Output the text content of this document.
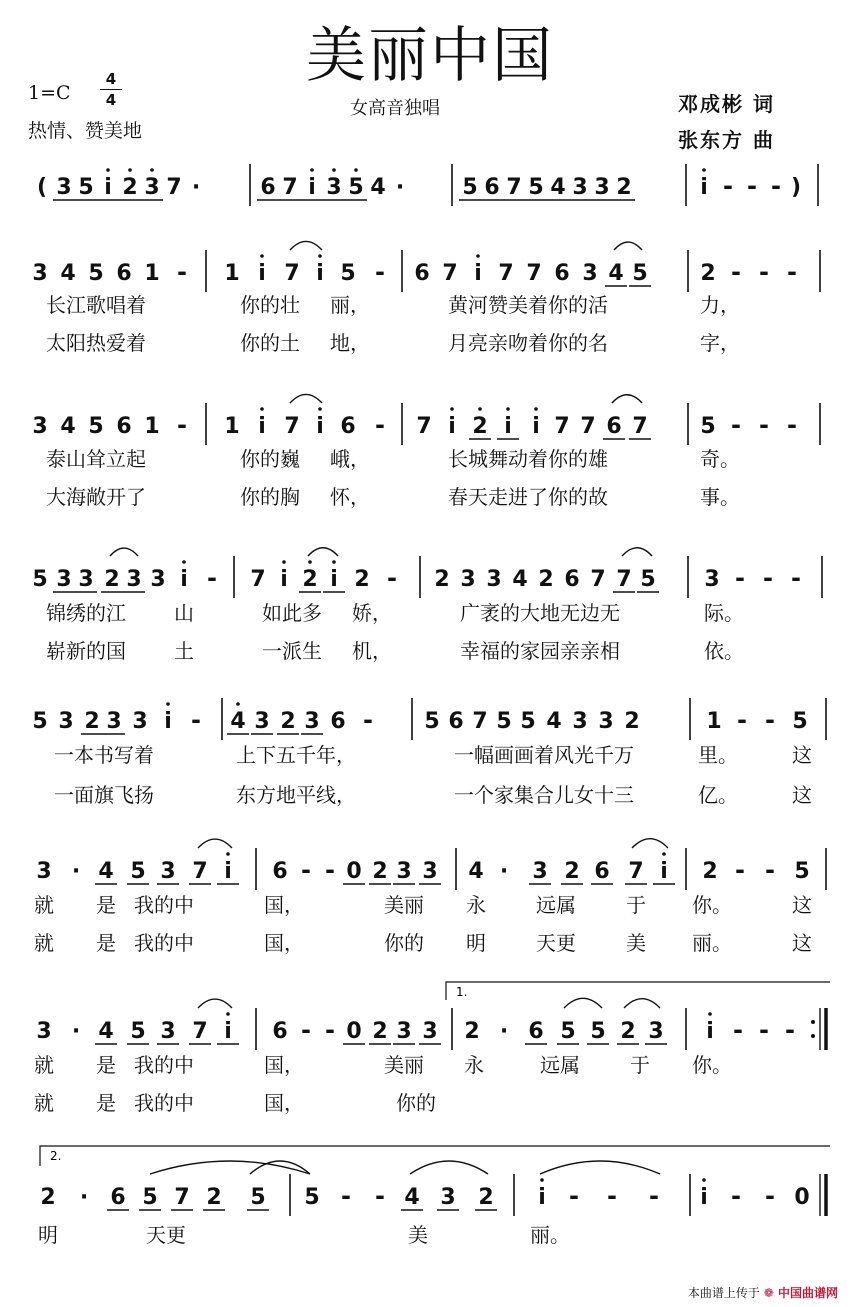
美丽中国
1=C
4
4
热情、赞美地
女高音独唱	邓成彬 词
张东方 曲
( 3 5 i 2 3 7 ·	6 7 i 3 5 4 ·	5 6 7 5 4 3 3 2	i - - - )
3 4 5 6 1 - 1 i 7 i 5 - 6 7 i 7 7 6 3 4 5 2 - - -
3 4 5 6 1 - 1 i 7 i 6 - 7 i 2 i i 7 7 6 7 5 - - -
5 3 3 2 3 3 i - 7 i 2 i 2 - 2 3 3 4 2 6 7 7 5 3 - - -
5 3 2 3 3 i - 4 3 2 3 6 - 5 6 7 5 5 4 3 3 2	1 - - 5
3 · 4 5 3 7 i 6 - - 0 2 3 3 4 · 3 2 6 7 i 2 - - 5
3 · 4 5 3 7 i 6 - - 0 2 3 3 2 · 6 5 5 2 3 i - - -
2 · 6 5 7 2 5 5 - - 4 3 2 i - - - i - - 0
1.
2.
长江歌唱着	你的壮 丽，	黄河赞美着你的活	力，
太阳热爱着	你的土 地，	月亮亲吻着你的名	字，
泰山耸立起	你的巍 峨，	长城舞动着你的雄	奇。
大海敞开了	你的胸 怀，	春天走进了你的故	事。
锦绣的江 山	如此多 娇，	广袤的大地无边无	际。
崭新的国 土	一派生 机，	幸福的家园亲亲相	依。
一本书写着	上下五千年，	一幅画画着风光千万	里。	这
一面旗飞扬	东方地平线，	一个家集合儿女十三	亿。	这
就 是 我的中	国，	美丽 永	远属	于 你。	这
就 是 我的中	国，	你的 明	天更	美 丽。	这
就 是 我的中	国，	美丽 永	远属	于 你。
就 是 我的中	国，	你的
明	天更	美	丽。
本曲谱上传于 ❁ 中国曲谱网
